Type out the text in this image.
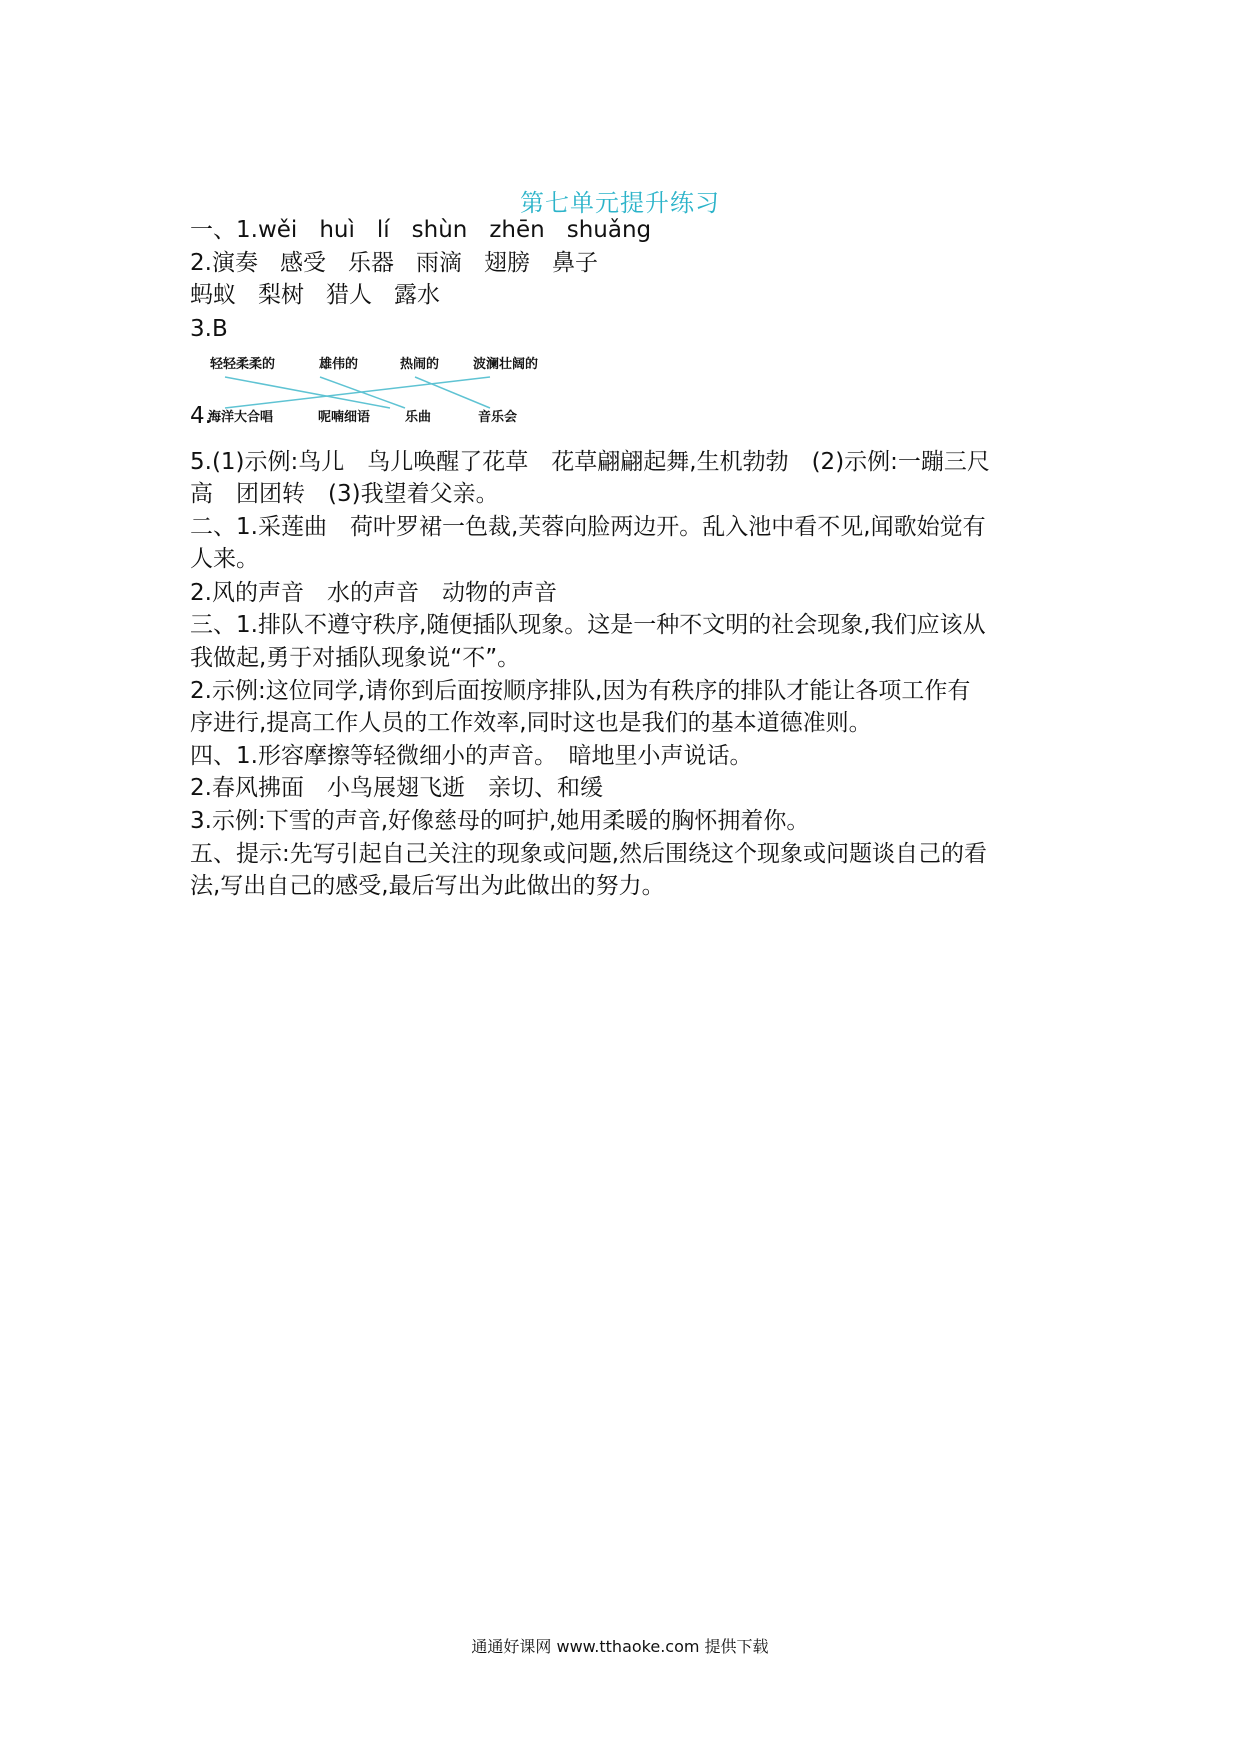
第七单元提升练习
一、1.wěi huì lí shùn zhēn shuǎng
2.演奏 感受 乐器 雨滴 翅膀 鼻子
蚂蚁 梨树 猎人 露水
3.B
轻轻柔柔的	雄伟的	热闹的	波澜壮阔的
4.
海洋大合唱	呢喃细语	乐曲	音乐会
5.(1)示例:鸟儿　鸟儿唤醒了花草　花草翩翩起舞,生机勃勃　(2)示例:一蹦三尺
高　团团转　(3)我望着父亲。
二、1.采莲曲　荷叶罗裙一色裁,芙蓉向脸两边开。乱入池中看不见,闻歌始觉有
人来。
2.风的声音　水的声音　动物的声音
三、1.排队不遵守秩序,随便插队现象。这是一种不文明的社会现象,我们应该从
我做起,勇于对插队现象说“不”。
2.示例:这位同学,请你到后面按顺序排队,因为有秩序的排队才能让各项工作有
序进行,提高工作人员的工作效率,同时这也是我们的基本道德准则。
四、1.形容摩擦等轻微细小的声音。　暗地里小声说话。
2.春风拂面　小鸟展翅飞逝　亲切、和缓
3.示例:下雪的声音,好像慈母的呵护,她用柔暖的胸怀拥着你。
五、提示:先写引起自己关注的现象或问题,然后围绕这个现象或问题谈自己的看
法,写出自己的感受,最后写出为此做出的努力。
通通好课网 www.tthaoke.com 提供下载
